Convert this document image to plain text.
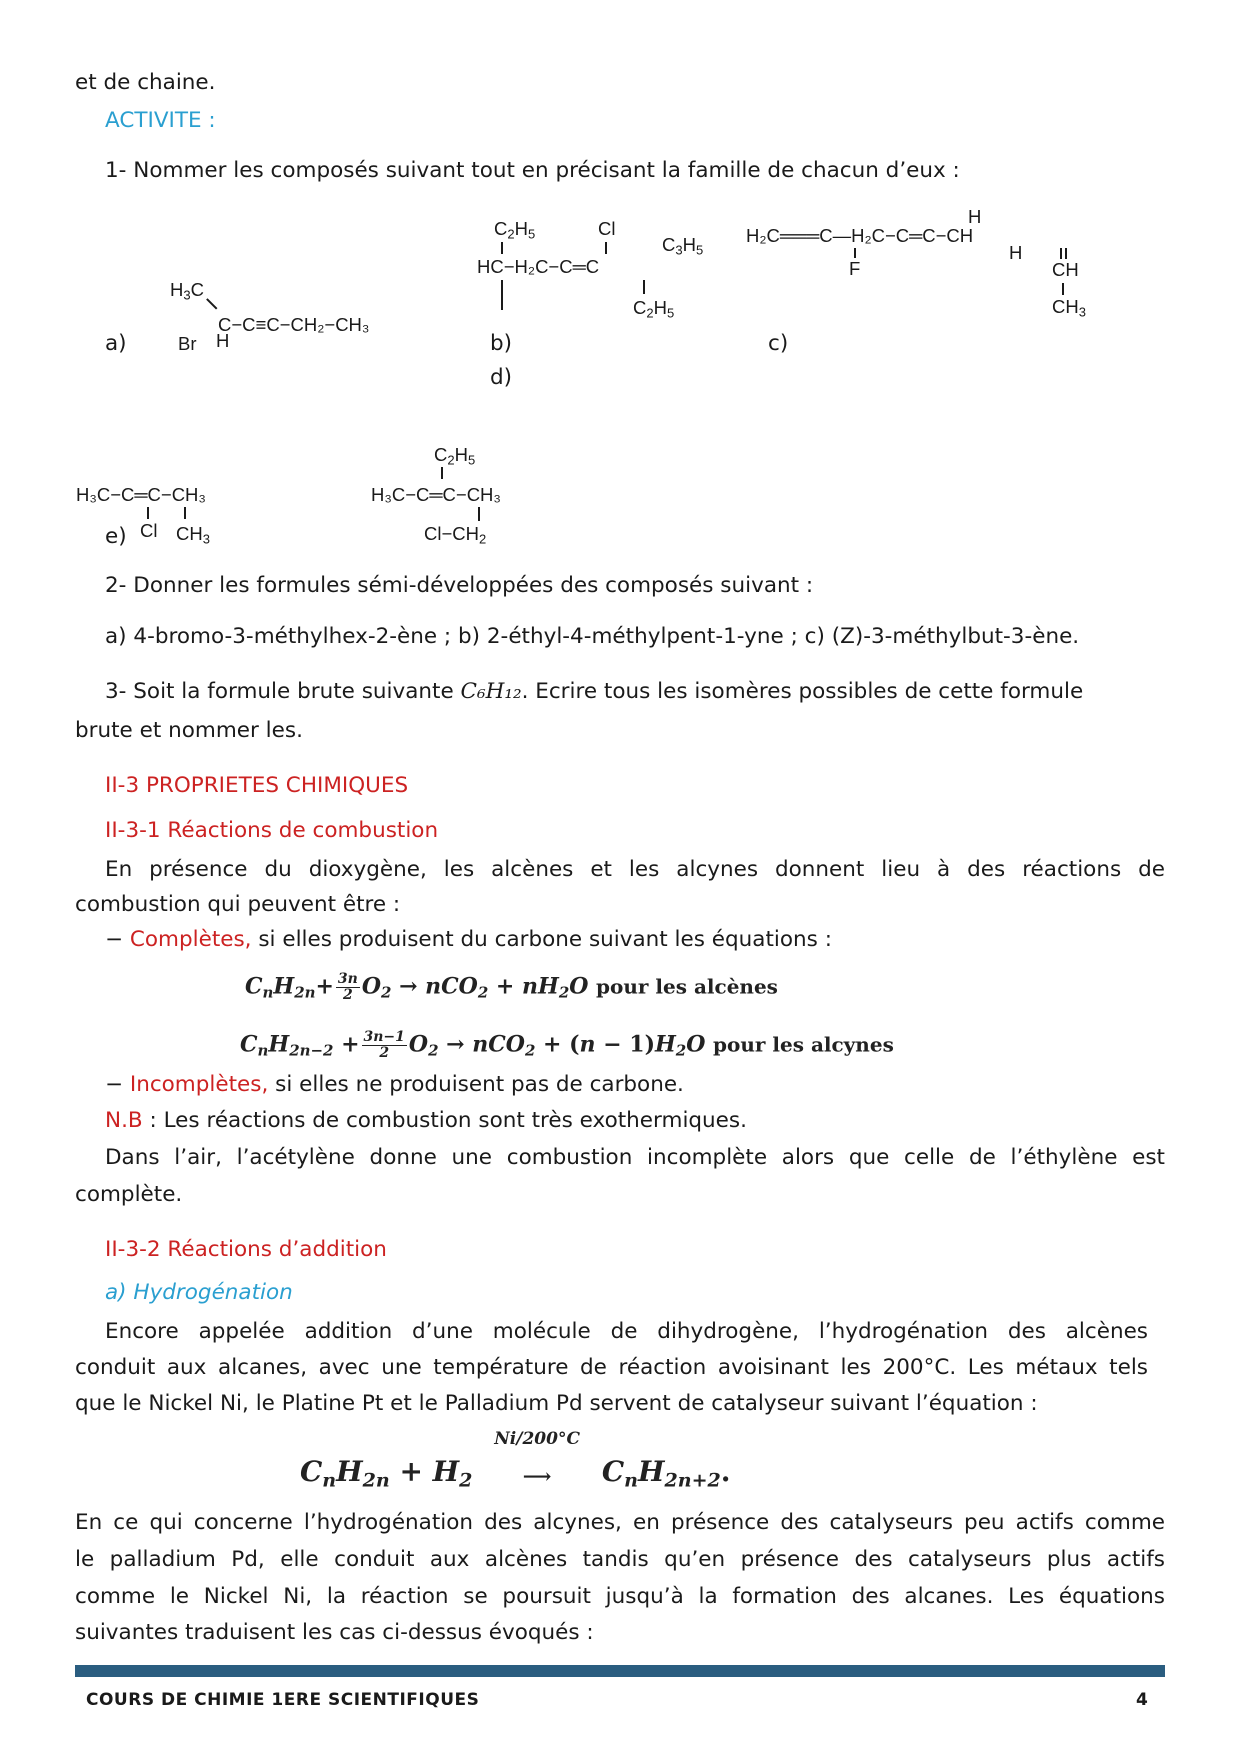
et de chaine.
ACTIVITE :
1- Nommer les composés suivant tout en précisant la famille de chacun d’eux :
$H_3C$
C−C≡C−CH₂−CH₃
Br H
a)
$C_2H_5$	Cl
$C_3H_5$
HC−H₂C−C═C
$C_2H_5$
b)
d)
H
H₂C═══C—H₂C−C═C−CH
F
H
CH
$CH_3$
c)
H₃C−C═C−CH₃
Cl $CH_3$
e)
$C_2H_5$
H₃C−C═C−CH₃
$Cl-CH_2$
2- Donner les formules sémi-développées des composés suivant :
a) 4-bromo-3-méthylhex-2-ène ; b) 2-éthyl-4-méthylpent-1-yne ; c) (Z)-3-méthylbut-3-ène.
3- Soit la formule brute suivante C₆H₁₂. Ecrire tous les isomères possibles de cette formule
brute et nommer les.
II-3 PROPRIETES CHIMIQUES
II-3-1 Réactions de combustion
En présence du dioxygène, les alcènes et les alcynes donnent lieu à des réactions de
combustion qui peuvent être :
− Complètes, si elles produisent du carbone suivant les équations :
$C_nH_{2n}+ \frac{3n}{2} O_2 \to nCO_2 + nH_2O$ pour les alcènes
$C_nH_{2n-2} + \frac{3n-1}{2} O_2 \to nCO_2 + (n - 1)H_2O$ pour les alcynes
− Incomplètes, si elles ne produisent pas de carbone.
N.B : Les réactions de combustion sont très exothermiques.
Dans l’air, l’acétylène donne une combustion incomplète alors que celle de l’éthylène est
complète.
II-3-2 Réactions d’addition
a) Hydrogénation
Encore appelée addition d’une molécule de dihydrogène, l’hydrogénation des alcènes
conduit aux alcanes, avec une température de réaction avoisinant les 200°C. Les métaux tels
que le Nickel Ni, le Platine Pt et le Palladium Pd servent de catalyseur suivant l’équation :
$C_nH_{2n} + H_2$
Ni/200°C
⟶ $C_nH_{2n+2}$.
En ce qui concerne l’hydrogénation des alcynes, en présence des catalyseurs peu actifs comme
le palladium Pd, elle conduit aux alcènes tandis qu’en présence des catalyseurs plus actifs
comme le Nickel Ni, la réaction se poursuit jusqu’à la formation des alcanes. Les équations
suivantes traduisent les cas ci-dessus évoqués :
COURS DE CHIMIE 1ERE SCIENTIFIQUES	4
